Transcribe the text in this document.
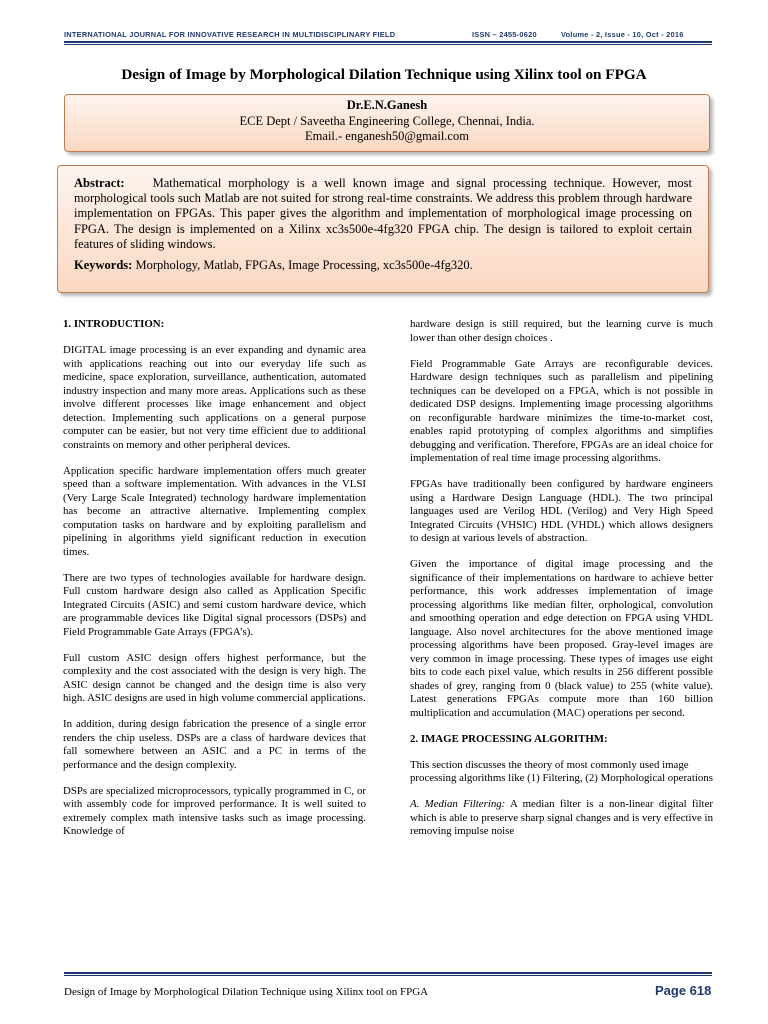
INTERNATIONAL JOURNAL FOR INNOVATIVE RESEARCH IN MULTIDISCIPLINARY FIELD	ISSN – 2455-0620	Volume - 2, Issue - 10, Oct - 2016
Design of Image by Morphological Dilation Technique using Xilinx tool on FPGA
Dr.E.N.Ganesh
ECE Dept / Saveetha Engineering College, Chennai, India.
Email.- enganesh50@gmail.com

Abstract: Mathematical morphology is a well known image and signal processing technique. However, most morphological tools such Matlab are not suited for strong real-time constraints. We address this problem through hardware implementation on FPGAs. This paper gives the algorithm and implementation of morphological image processing on FPGA. The design is implemented on a Xilinx xc3s500e-4fg320 FPGA chip. The design is tailored to exploit certain features of sliding windows.

Keywords: Morphology, Matlab, FPGAs, Image Processing, xc3s500e-4fg320.

1. INTRODUCTION:

DIGITAL image processing is an ever expanding and dynamic area with applications reaching out into our everyday life such as medicine, space exploration, surveillance, authentication, automated industry inspection and many more areas. Applications such as these involve different processes like image enhancement and object detection. Implementing such applications on a general purpose computer can be easier, but not very time efficient due to additional constraints on memory and other peripheral devices.

Application specific hardware implementation offers much greater speed than a software implementation. With advances in the VLSI (Very Large Scale Integrated) technology hardware implementation has become an attractive alternative. Implementing complex computation tasks on hardware and by exploiting parallelism and pipelining in algorithms yield significant reduction in execution times.

There are two types of technologies available for hardware design. Full custom hardware design also called as Application Specific Integrated Circuits (ASIC) and semi custom hardware device, which are programmable devices like Digital signal processors (DSPs) and Field Programmable Gate Arrays (FPGA’s).

Full custom ASIC design offers highest performance, but the complexity and the cost associated with the design is very high. The ASIC design cannot be changed and the design time is also very high. ASIC designs are used in high volume commercial applications.

In addition, during design fabrication the presence of a single error renders the chip useless. DSPs are a class of hardware devices that fall somewhere between an ASIC and a PC in terms of the performance and the design complexity.

DSPs are specialized microprocessors, typically programmed in C, or with assembly code for improved performance. It is well suited to extremely complex math intensive tasks such as image processing. Knowledge of

hardware design is still required, but the learning curve is much lower than other design choices .

Field Programmable Gate Arrays are reconfigurable devices. Hardware design techniques such as parallelism and pipelining techniques can be developed on a FPGA, which is not possible in dedicated DSP designs. Implementing image processing algorithms on reconfigurable hardware minimizes the time-to-market cost, enables rapid prototyping of complex algorithms and simplifies debugging and verification. Therefore, FPGAs are an ideal choice for implementation of real time image processing algorithms.

FPGAs have traditionally been configured by hardware engineers using a Hardware Design Language (HDL). The two principal languages used are Verilog HDL (Verilog) and Very High Speed Integrated Circuits (VHSIC) HDL (VHDL) which allows designers to design at various levels of abstraction.

Given the importance of digital image processing and the significance of their implementations on hardware to achieve better performance, this work addresses implementation of image processing algorithms like median filter, orphological, convolution and smoothing operation and edge detection on FPGA using VHDL language. Also novel architectures for the above mentioned image processing algorithms have been proposed. Gray-level images are very common in image processing. These types of images use eight bits to code each pixel value, which results in 256 different possible shades of grey, ranging from 0 (black value) to 255 (white value). Latest generations FPGAs compute more than 160 billion multiplication and accumulation (MAC) operations per second.

2. IMAGE PROCESSING ALGORITHM:

This section discusses the theory of most commonly used image processing algorithms like (1) Filtering, (2) Morphological operations

A. Median Filtering: A median filter is a non-linear digital filter which is able to preserve sharp signal changes and is very effective in removing impulse noise

Design of Image by Morphological Dilation Technique using Xilinx tool on FPGA	Page 618
